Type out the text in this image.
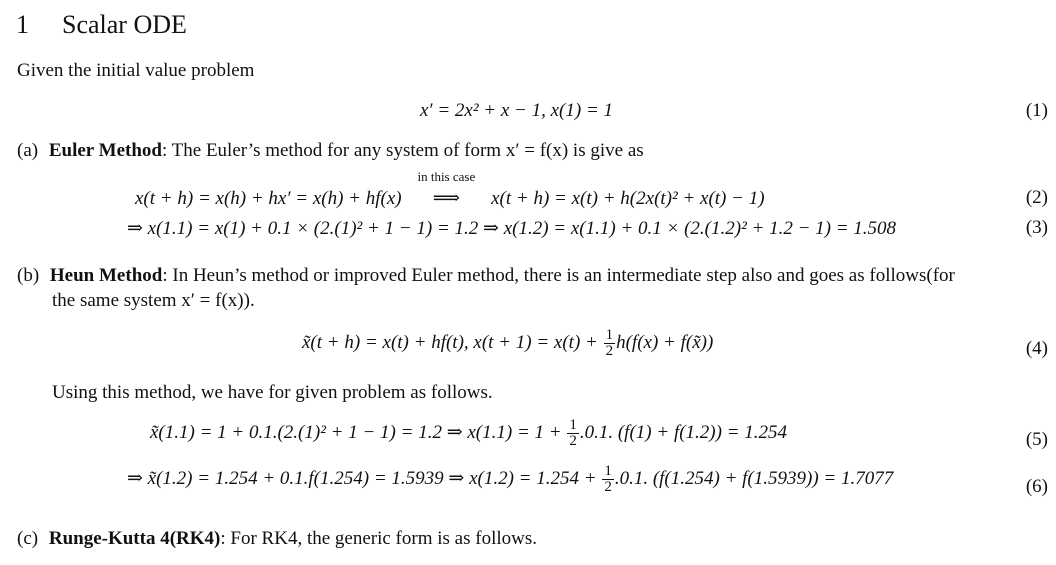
1 Scalar ODE
Given the initial value problem
x′ = 2x² + x − 1, x(1) = 1	(1)
(a) Euler Method: The Euler’s method for any system of form x′ = f(x) is give as
x(t + h) = x(h) + hx′ = x(h) + hf(x)
in this case
⟹ x(t + h) = x(t) + h(2x(t)² + x(t) − 1)	(2)
⇒ x(1.1) = x(1) + 0.1 × (2.(1)² + 1 − 1) = 1.2 ⇒ x(1.2) = x(1.1) + 0.1 × (2.(1.2)² + 1.2 − 1) = 1.508	(3)
(b) Heun Method: In Heun’s method or improved Euler method, there is an intermediate step also and goes as follows(for
the same system x′ = f(x)).
x̃(t + h) = x(t) + hf(t), $x(t + 1) = x(t) + \frac{1}{2} h(f(x)$ + f(x̃))	(4)
Using this method, we have for given problem as follows.
x̃(1.1) = 1 + 0.1.(2.(1)² + 1 − 1) = 1.2 ⇒ $x(1.1) = 1 + \frac{1}{2} .0.1$. (f(1) + f(1.2)) = 1.254	(5)
⇒ x̃(1.2) = 1.254 + 0.1.f(1.254) = 1.5939 ⇒ $x(1.2) = 1.254 + \frac{1}{2} .0.1$. (f(1.254) + f(1.5939)) = 1.7077	(6)
(c) Runge-Kutta 4(RK4): For RK4, the generic form is as follows.
